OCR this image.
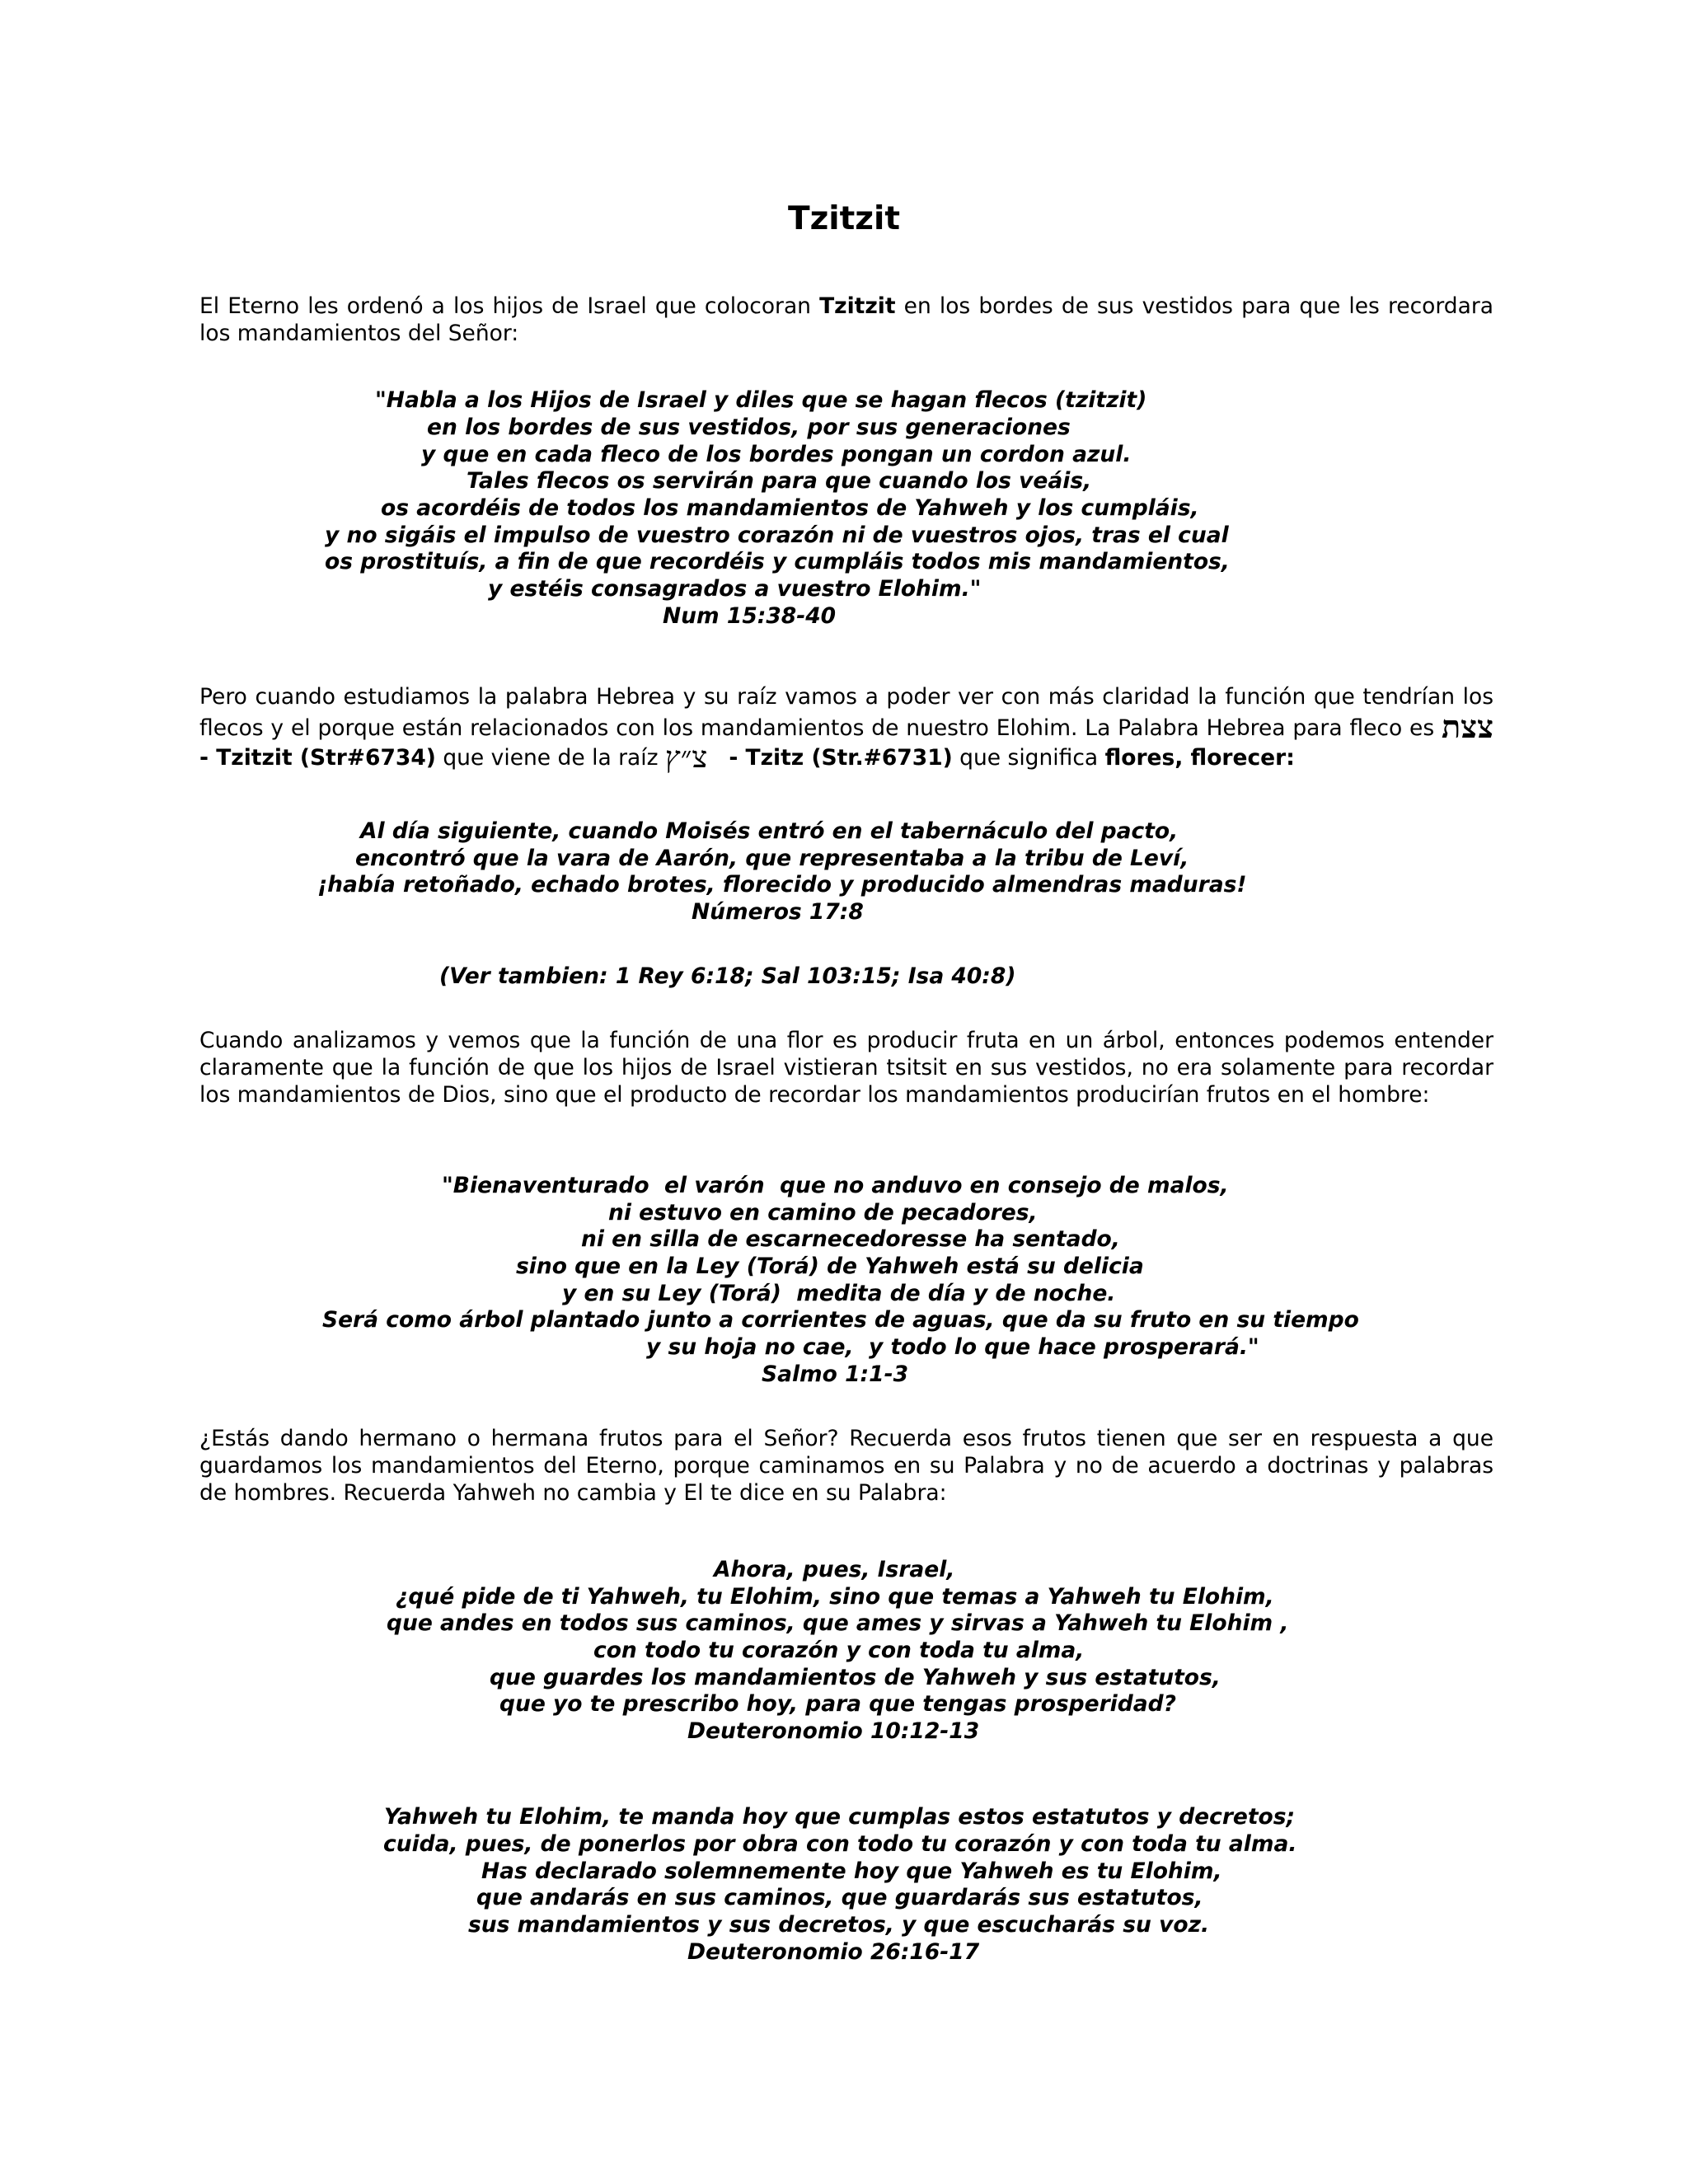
Tzitzit
El Eterno les ordenó a los hijos de Israel que colocoran Tzitzit en los bordes de sus vestidos para que les recordara los mandamientos del Señor:

"Habla a los Hijos de Israel y diles que se hagan flecos (tzitzit)

en los bordes de sus vestidos, por sus generaciones

y que en cada fleco de los bordes pongan un cordon azul.

Tales flecos os servirán para que cuando los veáis,

os acordéis de todos los mandamientos de Yahweh y los cumpláis,

y no sigáis el impulso de vuestro corazón ni de vuestros ojos, tras el cual

os prostituís, a fin de que recordéis y cumpláis todos mis mandamientos,

y estéis consagrados a vuestro Elohim."

Num 15:38-40

Pero cuando estudiamos la palabra Hebrea y su raíz vamos a poder ver con más claridad la función que tendrían los flecos y el porque están relacionados con los mandamientos de nuestro Elohim. La Palabra Hebrea para fleco es צצת - Tzitzit (Str#6734) que viene de la raíz צ״ץ   - Tzitz (Str.#6731) que significa flores, florecer:

Al día siguiente, cuando Moisés entró en el tabernáculo del pacto,

encontró que la vara de Aarón, que representaba a la tribu de Leví,

¡había retoñado, echado brotes, florecido y producido almendras maduras!

Números 17:8

(Ver tambien: 1 Rey 6:18; Sal 103:15; Isa 40:8)
Cuando analizamos y vemos que la función de una flor es producir fruta en un árbol, entonces podemos entender claramente que la función de que los hijos de Israel vistieran tsitsit en sus vestidos, no era solamente para recordar los mandamientos de Dios, sino que el producto de recordar los mandamientos producirían frutos en el hombre:

"Bienaventurado  el varón  que no anduvo en consejo de malos,

ni estuvo en camino de pecadores,

ni en silla de escarnecedoresse ha sentado,

sino que en la Ley (Torá) de Yahweh está su delicia

y en su Ley (Torá)  medita de día y de noche.

Será como árbol plantado junto a corrientes de aguas, que da su fruto en su tiempo

y su hoja no cae,  y todo lo que hace prosperará."

Salmo 1:1-3

¿Estás dando hermano o hermana frutos para el Señor? Recuerda esos frutos tienen que ser en respuesta a que guardamos los mandamientos del Eterno, porque caminamos en su Palabra y no de acuerdo a doctrinas y palabras de hombres. Recuerda Yahweh no cambia y El te dice en su Palabra:

Ahora, pues, Israel,

¿qué pide de ti Yahweh, tu Elohim, sino que temas a Yahweh tu Elohim,

que andes en todos sus caminos, que ames y sirvas a Yahweh tu Elohim ,

con todo tu corazón y con toda tu alma,

que guardes los mandamientos de Yahweh y sus estatutos,

que yo te prescribo hoy, para que tengas prosperidad?

Deuteronomio 10:12-13

Yahweh tu Elohim, te manda hoy que cumplas estos estatutos y decretos;

cuida, pues, de ponerlos por obra con todo tu corazón y con toda tu alma.

Has declarado solemnemente hoy que Yahweh es tu Elohim,

que andarás en sus caminos, que guardarás sus estatutos,

sus mandamientos y sus decretos, y que escucharás su voz.

Deuteronomio 26:16-17
